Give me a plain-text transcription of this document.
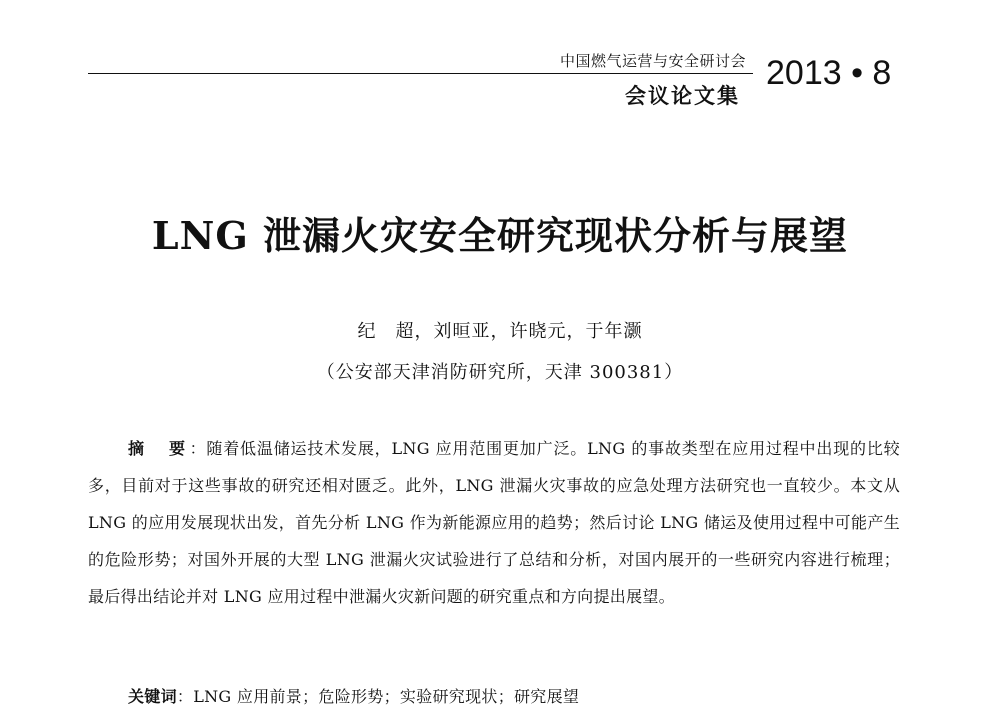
中国燃气运营与安全研讨会
会议论文集
2013 • 8
LNG 泄漏火灾安全研究现状分析与展望
纪　超，刘晅亚，许晓元，于年灏
（公安部天津消防研究所，天津 300381）

摘　要：随着低温储运技术发展，LNG 应用范围更加广泛。LNG 的事故类型在应用过程中出现的比较多，目前对于这些事故的研究还相对匮乏。此外，LNG 泄漏火灾事故的应急处理方法研究也一直较少。本文从 LNG 的应用发展现状出发，首先分析 LNG 作为新能源应用的趋势；然后讨论 LNG 储运及使用过程中可能产生的危险形势；对国外开展的大型 LNG 泄漏火灾试验进行了总结和分析，对国内展开的一些研究内容进行梳理；最后得出结论并对 LNG 应用过程中泄漏火灾新问题的研究重点和方向提出展望。

关键词：LNG 应用前景；危险形势；实验研究现状；研究展望
